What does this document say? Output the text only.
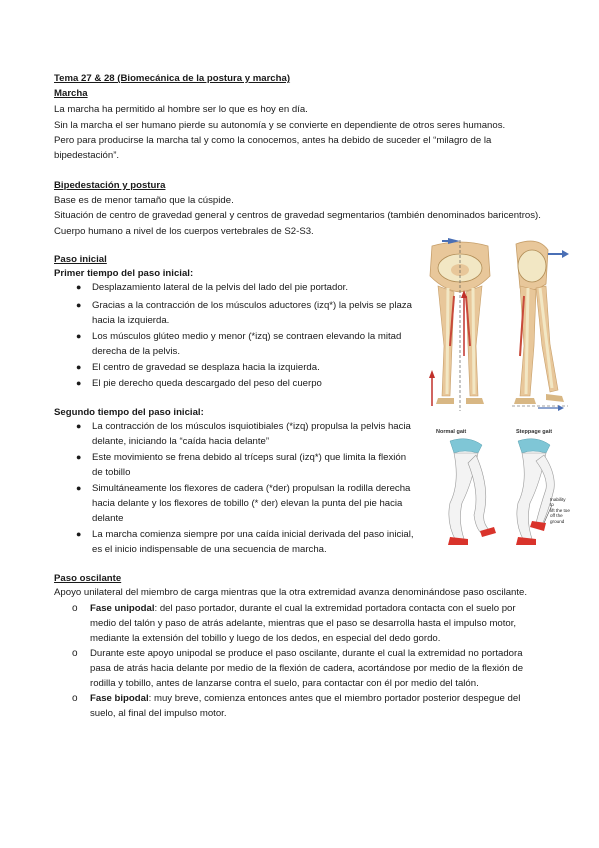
Tema 27 & 28 (Biomecánica de la postura y marcha)
Marcha
La marcha ha permitido al hombre ser lo que es hoy en día.
Sin la marcha el ser humano pierde su autonomía y se convierte en dependiente de otros seres humanos.
Pero para producirse la marcha tal y como la conocemos, antes ha debido de suceder el “milagro de la
bipedestación”.
Bipedestación y postura
Base es de menor tamaño que la cúspide.
Situación de centro de gravedad general y centros de gravedad segmentarios (también denominados baricentros).
Cuerpo humano a nivel de los cuerpos vertebrales de S2-S3.
Paso inicial
Primer tiempo del paso inicial:
● Desplazamiento lateral de la pelvis del lado del pie portador.
● Gracias a la contracción de los músculos aductores (izq*) la pelvis se plaza
hacia la izquierda.
● Los músculos glúteo medio y menor (*izq) se contraen elevando la mitad
derecha de la pelvis.
● El centro de gravedad se desplaza hacia la izquierda.
● El pie derecho queda descargado del peso del cuerpo
Segundo tiempo del paso inicial:
● La contracción de los músculos isquiotibiales (*izq) propulsa la pelvis hacia
delante, iniciando la “caída hacia delante”
● Este movimiento se frena debido al tríceps sural (izq*) que limita la flexión
de tobillo
● Simultáneamente los flexores de cadera (*der) propulsan la rodilla derecha
hacia delante y los flexores de tobillo (* der) elevan la punta del pie hacia
delante
● La marcha comienza siempre por una caída inicial derivada del paso inicial,
es el inicio indispensable de una secuencia de marcha.
Paso oscilante
Apoyo unilateral del miembro de carga mientras que la otra extremidad avanza denominándose paso oscilante.
o Fase unipodal: del paso portador, durante el cual la extremidad portadora contacta con el suelo por
medio del talón y paso de atrás adelante, mientras que el paso se desarrolla hasta el impulso motor,
mediante la extensión del tobillo y luego de los dedos, en especial del dedo gordo.
o Durante este apoyo unipodal se produce el paso oscilante, durante el cual la extremidad no portadora
pasa de atrás hacia delante por medio de la flexión de cadera, acortándose por medio de la flexión de
rodilla y tobillo, antes de lanzarse contra el suelo, para contactar con él por medio del talón.
o Fase bipodal: muy breve, comienza entonces antes que el miembro portador posterior despegue del
suelo, al final del impulso motor.
Normal gait	Steppage gait
Inability to
lift the toe
off the
ground
